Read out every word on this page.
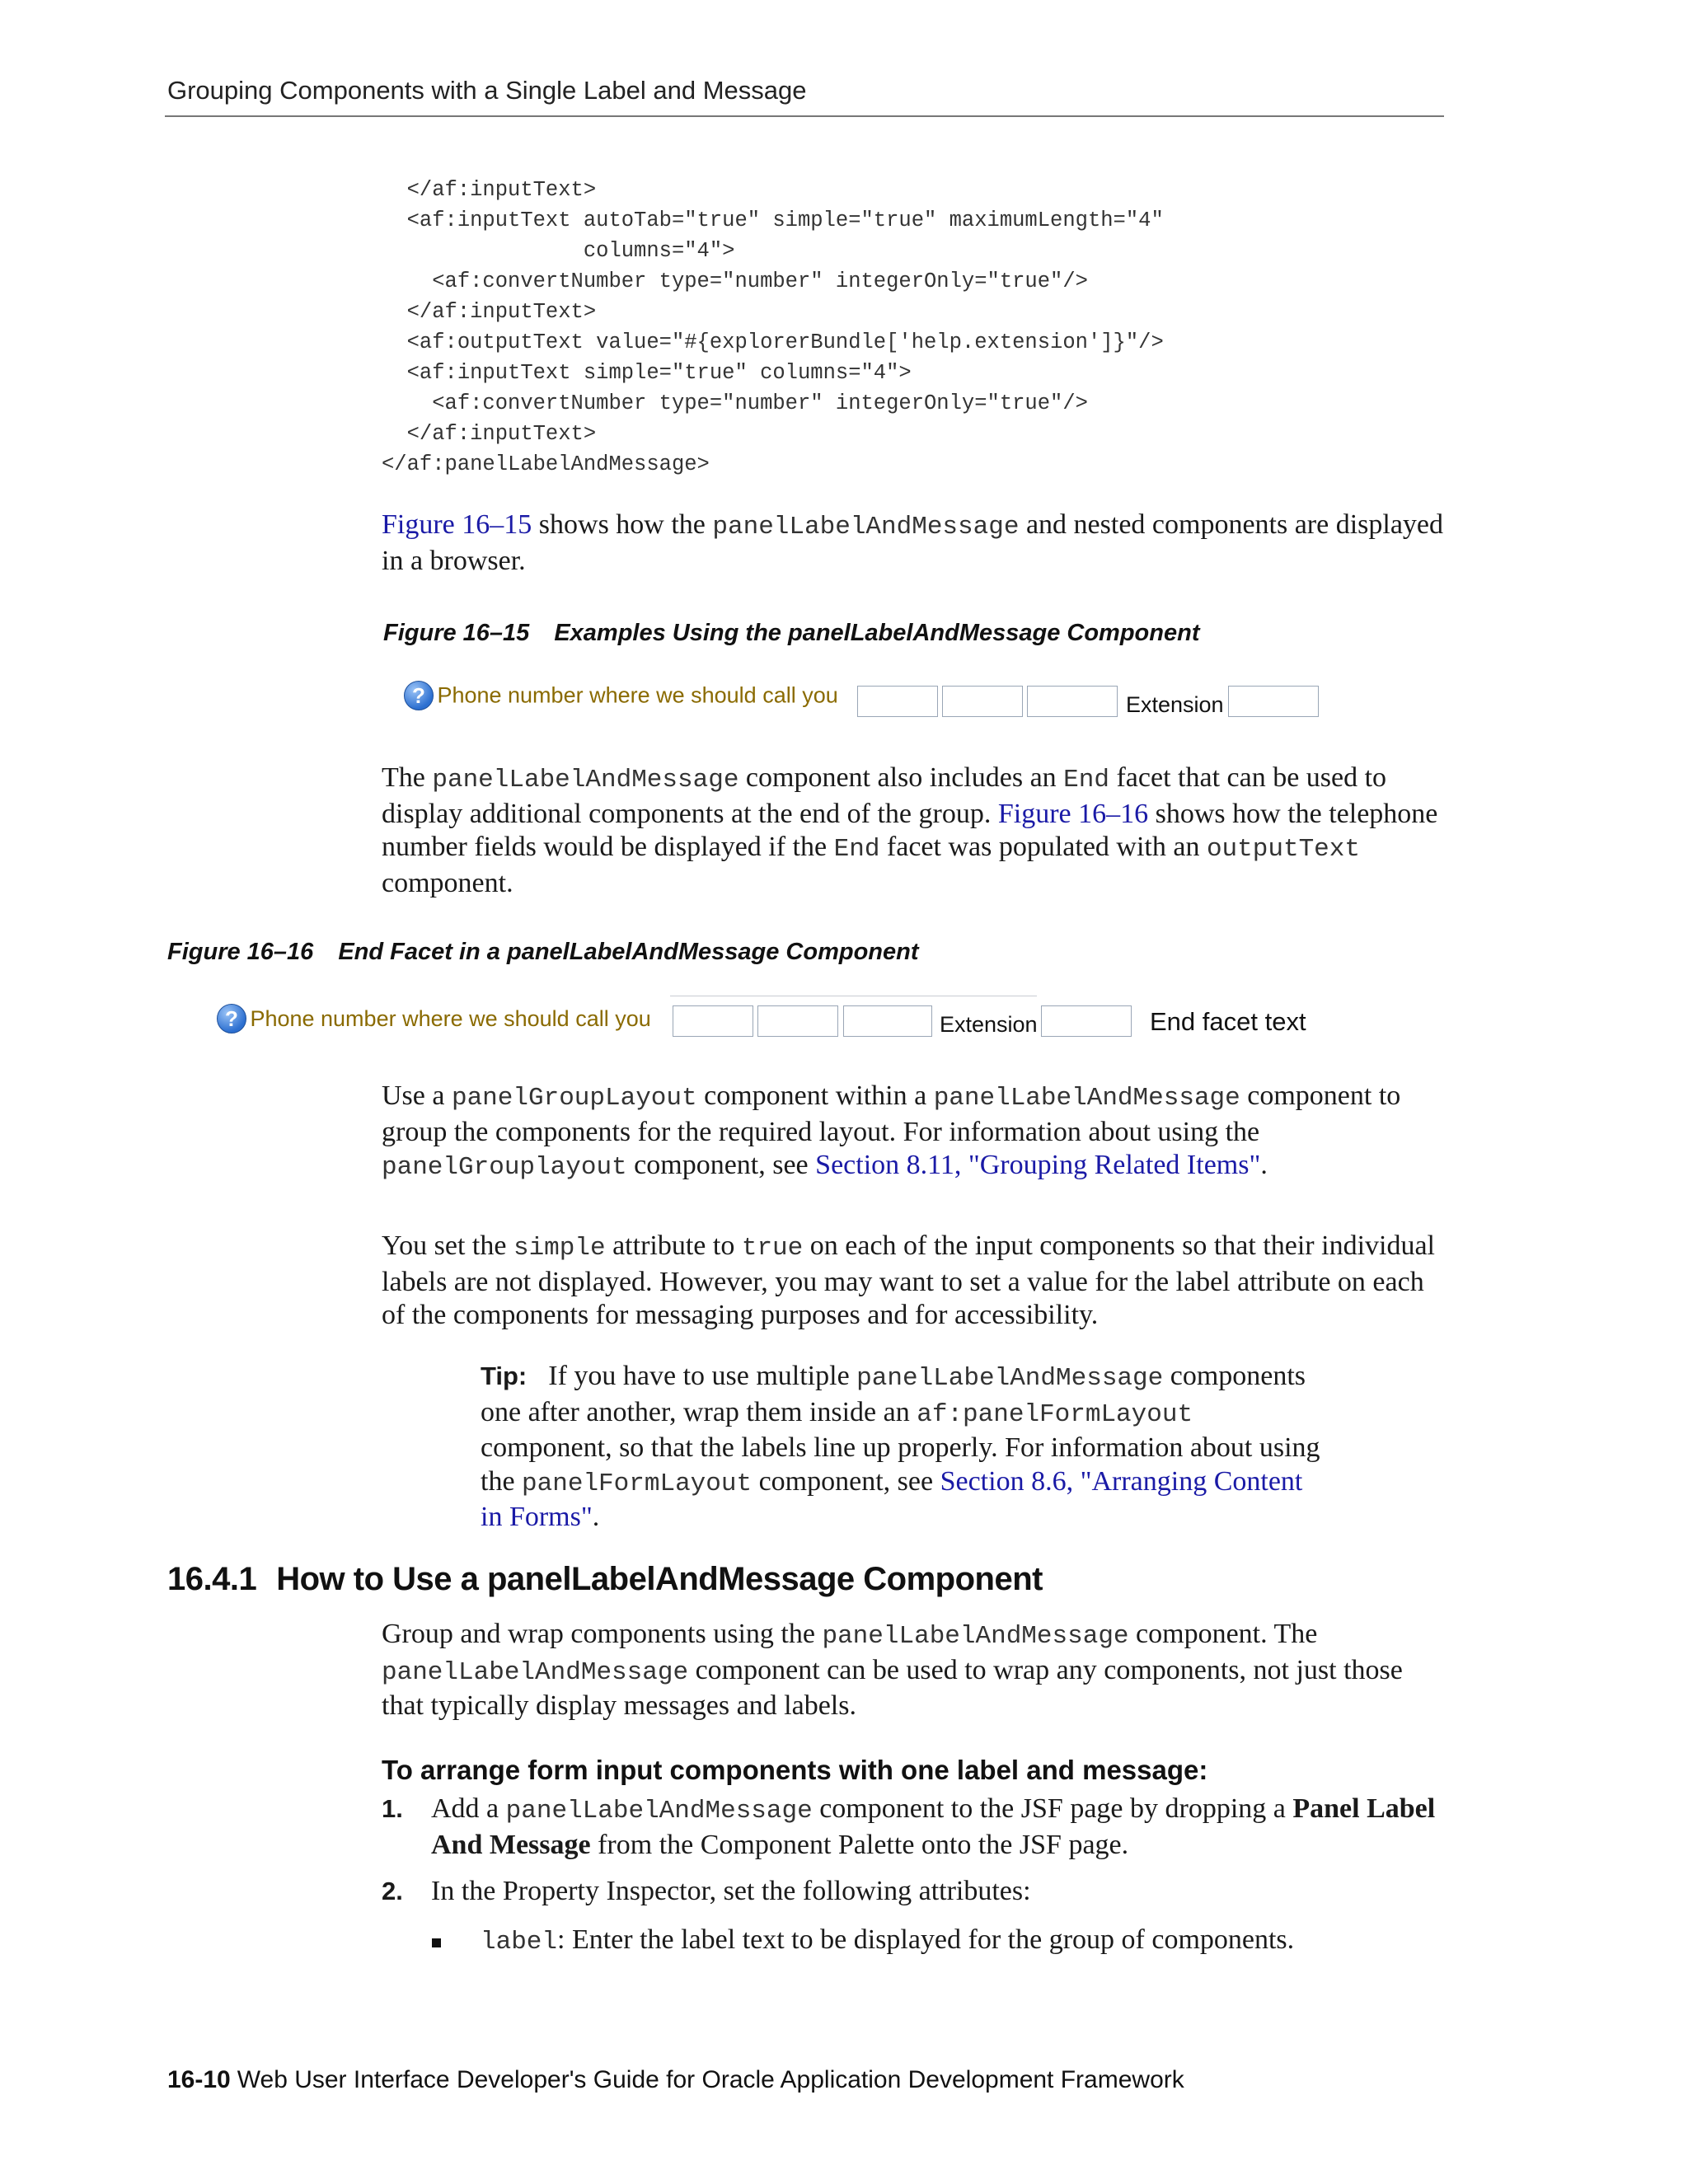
Grouping Components with a Single Label and Message
</af:inputText>
<af:inputText autoTab="true" simple="true" maximumLength="4"
columns="4">
<af:convertNumber type="number" integerOnly="true"/>
</af:inputText>
<af:outputText value="#{explorerBundle['help.extension']}"/>
<af:inputText simple="true" columns="4">
<af:convertNumber type="number" integerOnly="true"/>
</af:inputText>
</af:panelLabelAndMessage>
Figure 16–15 shows how the panelLabelAndMessage and nested components are displayed in a browser.
Figure 16–15 Examples Using the panelLabelAndMessage Component
? Phone number where we should call you	Extension
The panelLabelAndMessage component also includes an End facet that can be used to display additional components at the end of the group. Figure 16–16 shows how the telephone number fields would be displayed if the End facet was populated with an outputText component.
Figure 16–16 End Facet in a panelLabelAndMessage Component
? Phone number where we should call you	Extension	End facet text
Use a panelGroupLayout component within a panelLabelAndMessage component to group the components for the required layout. For information about using the panelGrouplayout component, see Section 8.11, "Grouping Related Items".
You set the simple attribute to true on each of the input components so that their individual labels are not displayed. However, you may want to set a value for the label attribute on each of the components for messaging purposes and for accessibility.
Tip: If you have to use multiple panelLabelAndMessage components one after another, wrap them inside an af:panelFormLayout component, so that the labels line up properly. For information about using the panelFormLayout component, see Section 8.6, "Arranging Content in Forms".
16.4.1 How to Use a panelLabelAndMessage Component
Group and wrap components using the panelLabelAndMessage component. The panelLabelAndMessage component can be used to wrap any components, not just those that typically display messages and labels.
To arrange form input components with one label and message:
1. Add a panelLabelAndMessage component to the JSF page by dropping a Panel Label And Message from the Component Palette onto the JSF page.
2. In the Property Inspector, set the following attributes:
label: Enter the label text to be displayed for the group of components.
16-10 Web User Interface Developer's Guide for Oracle Application Development Framework
